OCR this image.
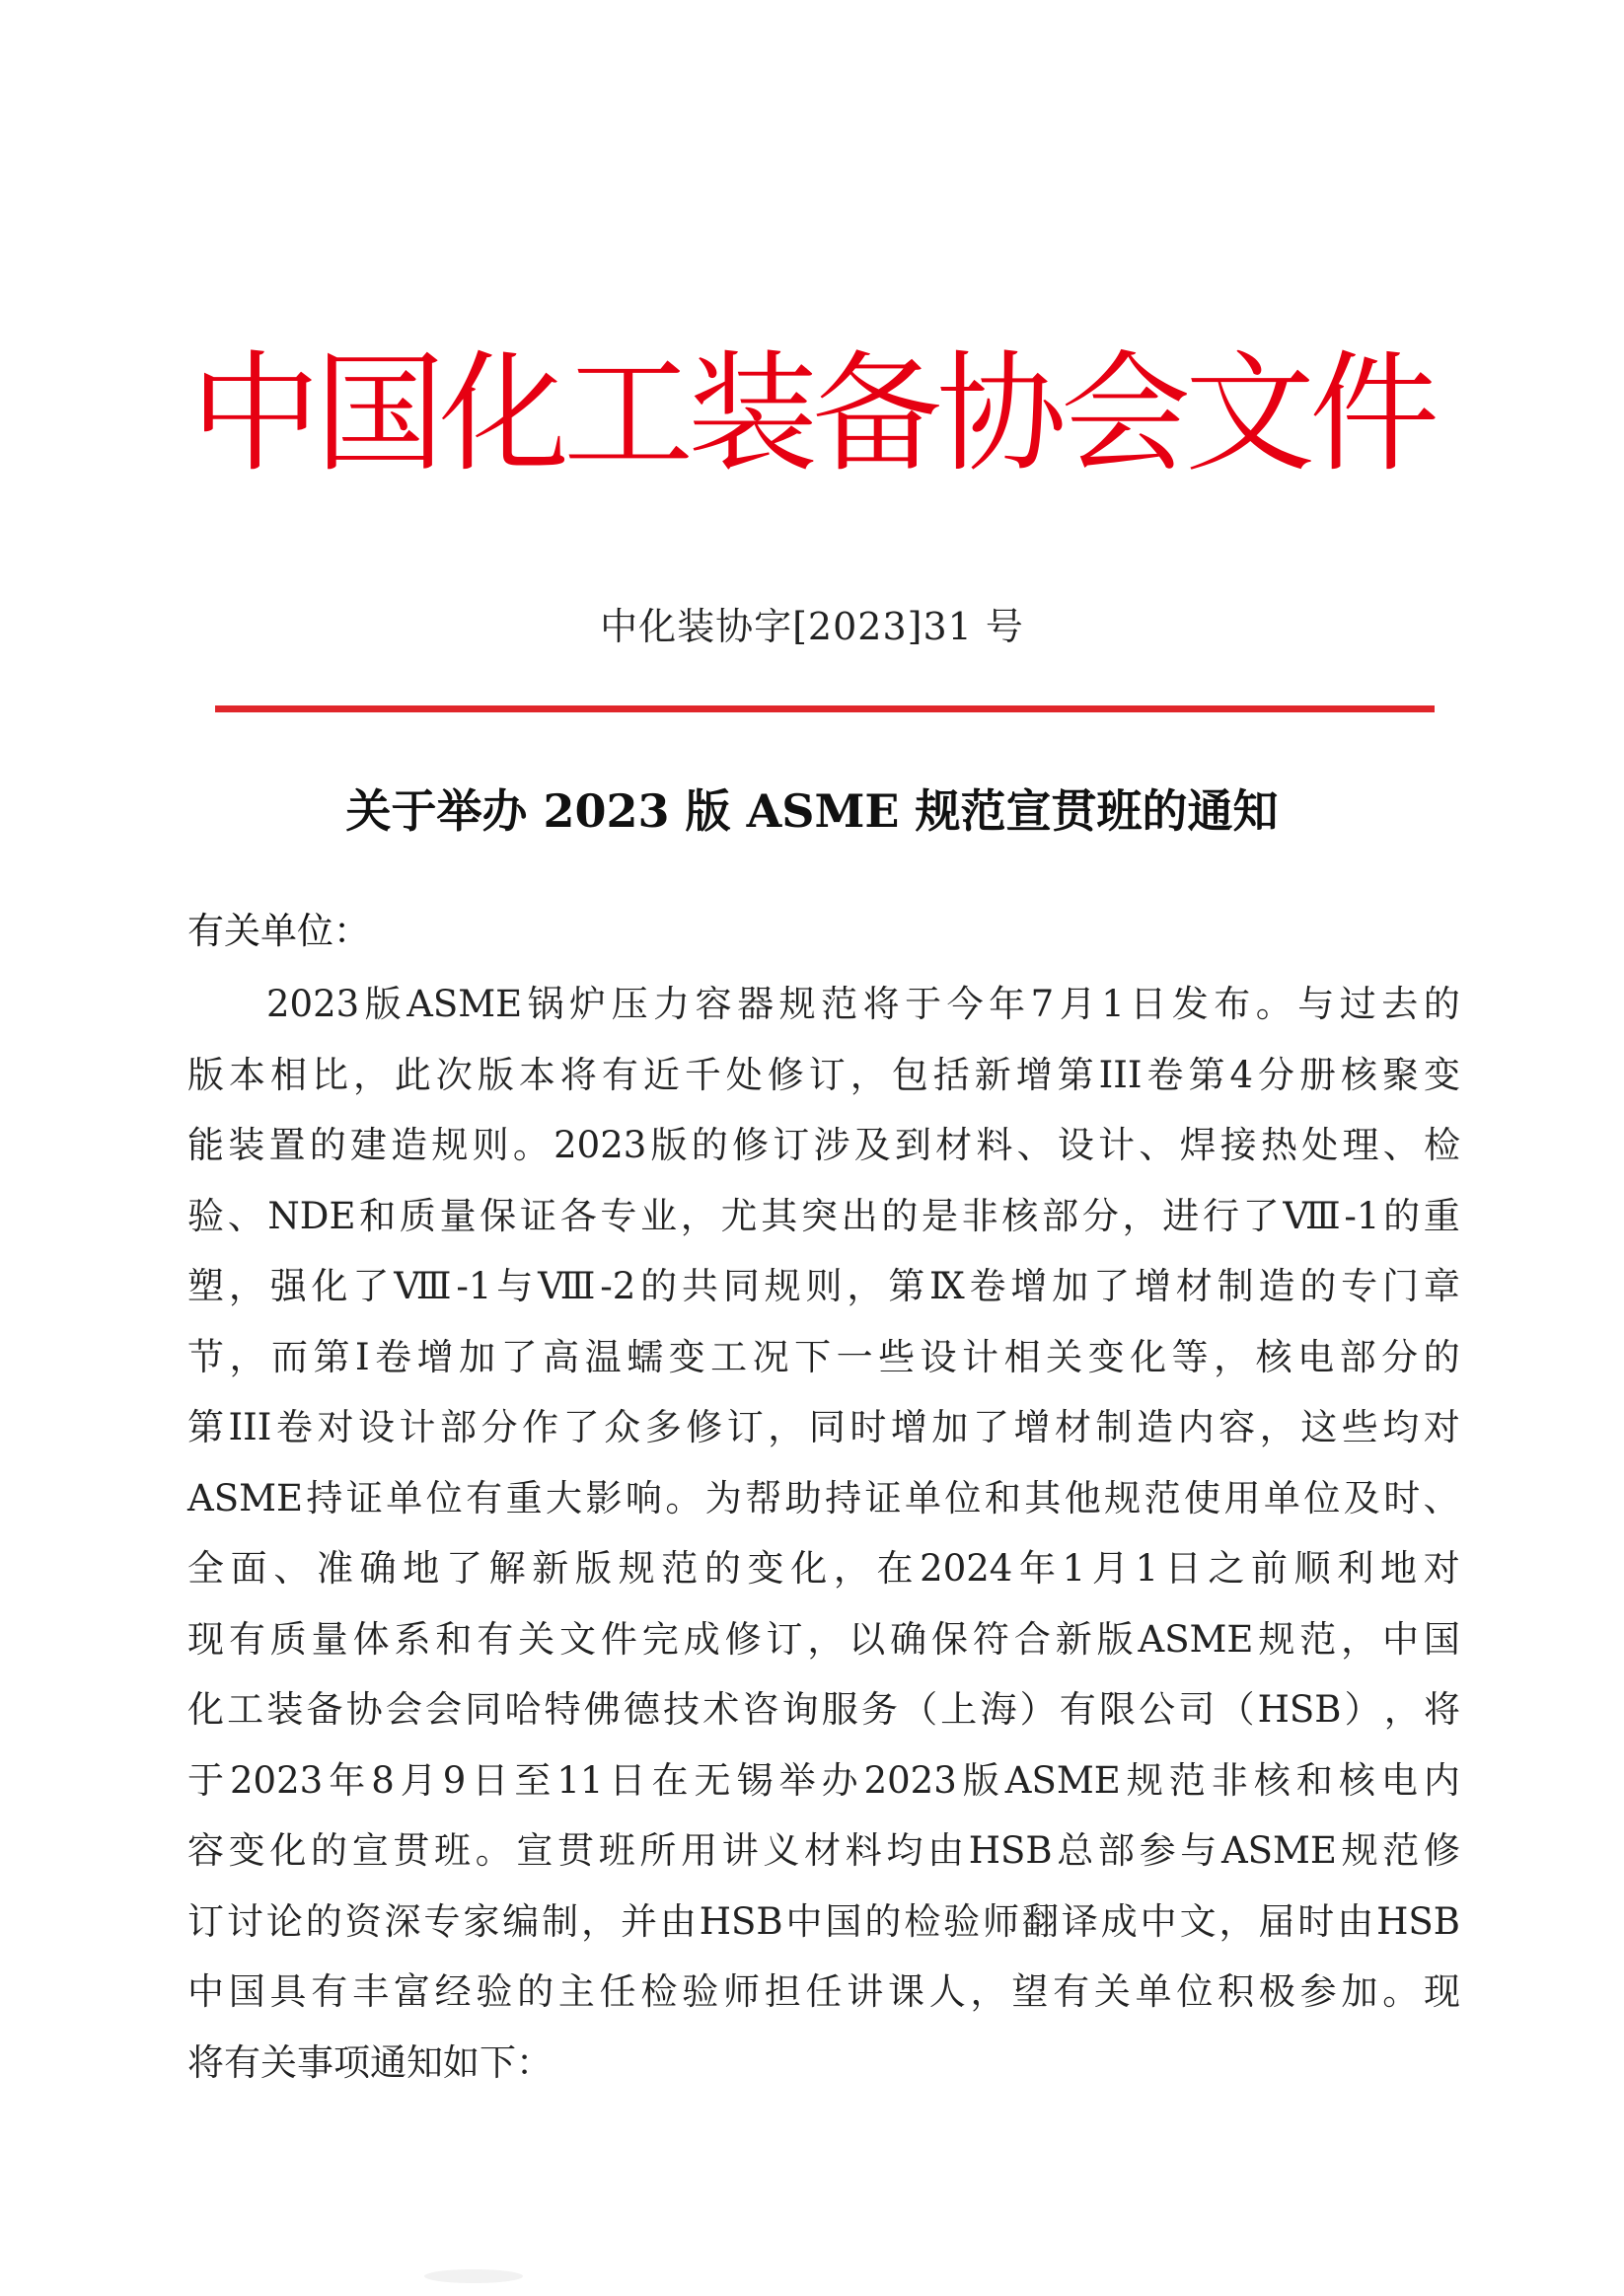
中国化工装备协会文件
中化装协字[2023]31 号
关于举办 2023 版 ASME 规范宣贯班的通知
有关单位：
2023 版 ASME 锅 炉 压 力 容 器 规 范 将 于 今 年 7 月 1 日 发 布 。 与 过 去 的
版 本 相 比 ， 此 次 版 本 将 有 近 千 处 修 订 ， 包 括 新 增 第 III 卷 第 4 分 册 核 聚 变
能 装 置 的 建 造 规 则 。 2023 版 的 修 订 涉 及 到 材 料 、 设 计 、 焊 接 热 处 理 、 检
验 、 NDE 和 质 量 保 证 各 专 业 ， 尤 其 突 出 的 是 非 核 部 分 ， 进 行 了 Ⅷ -1 的 重
塑 ， 强 化 了 Ⅷ -1 与 Ⅷ -2 的 共 同 规 则 ， 第 Ⅸ 卷 增 加 了 增 材 制 造 的 专 门 章
节 ， 而 第 Ⅰ 卷 增 加 了 高 温 蠕 变 工 况 下 一 些 设 计 相 关 变 化 等 ， 核 电 部 分 的
第 III 卷 对 设 计 部 分 作 了 众 多 修 订 ， 同 时 增 加 了 增 材 制 造 内 容 ， 这 些 均 对
ASME 持 证 单 位 有 重 大 影 响 。 为 帮 助 持 证 单 位 和 其 他 规 范 使 用 单 位 及 时 、
全 面 、 准 确 地 了 解 新 版 规 范 的 变 化 ， 在 2024 年 1 月 1 日 之 前 顺 利 地 对
现 有 质 量 体 系 和 有 关 文 件 完 成 修 订 ， 以 确 保 符 合 新 版 ASME 规 范 ， 中 国
化 工 装 备 协 会 会 同 哈 特 佛 德 技 术 咨 询 服 务 （ 上 海 ） 有 限 公 司 （ HSB ） ， 将
于 2023 年 8 月 9 日 至 11 日 在 无 锡 举 办 2023 版 ASME 规 范 非 核 和 核 电 内
容 变 化 的 宣 贯 班 。 宣 贯 班 所 用 讲 义 材 料 均 由 HSB 总 部 参 与 ASME 规 范 修
订 讨 论 的 资 深 专 家 编 制 ， 并 由 HSB 中 国 的 检 验 师 翻 译 成 中 文 ， 届 时 由 HSB
中 国 具 有 丰 富 经 验 的 主 任 检 验 师 担 任 讲 课 人 ， 望 有 关 单 位 积 极 参 加 。 现
将 有 关 事 项 通 知 如 下 ：
